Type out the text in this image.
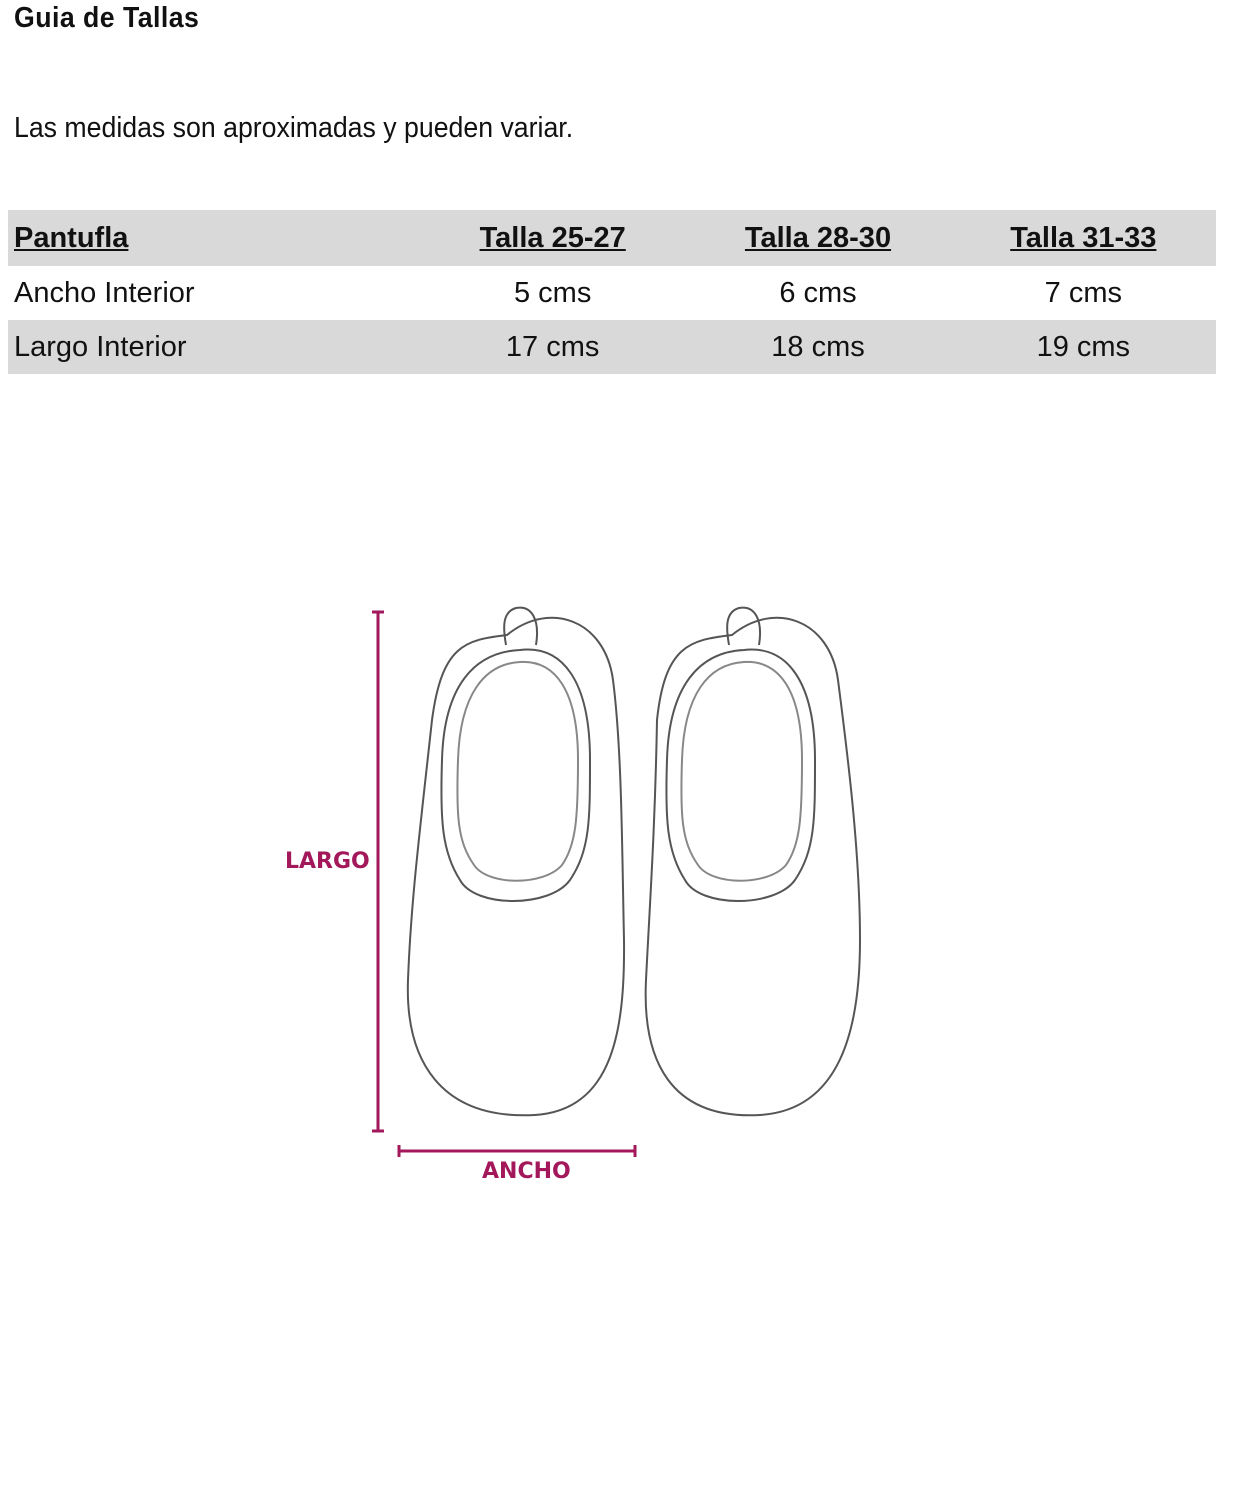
Guia de Tallas

Las medidas son aproximadas y pueden variar.

Pantufla	Talla 25-27	Talla 28-30	Talla 31-33
Ancho Interior	5 cms	6 cms	7 cms
Largo Interior	17 cms	18 cms	19 cms
LARGO
ANCHO
